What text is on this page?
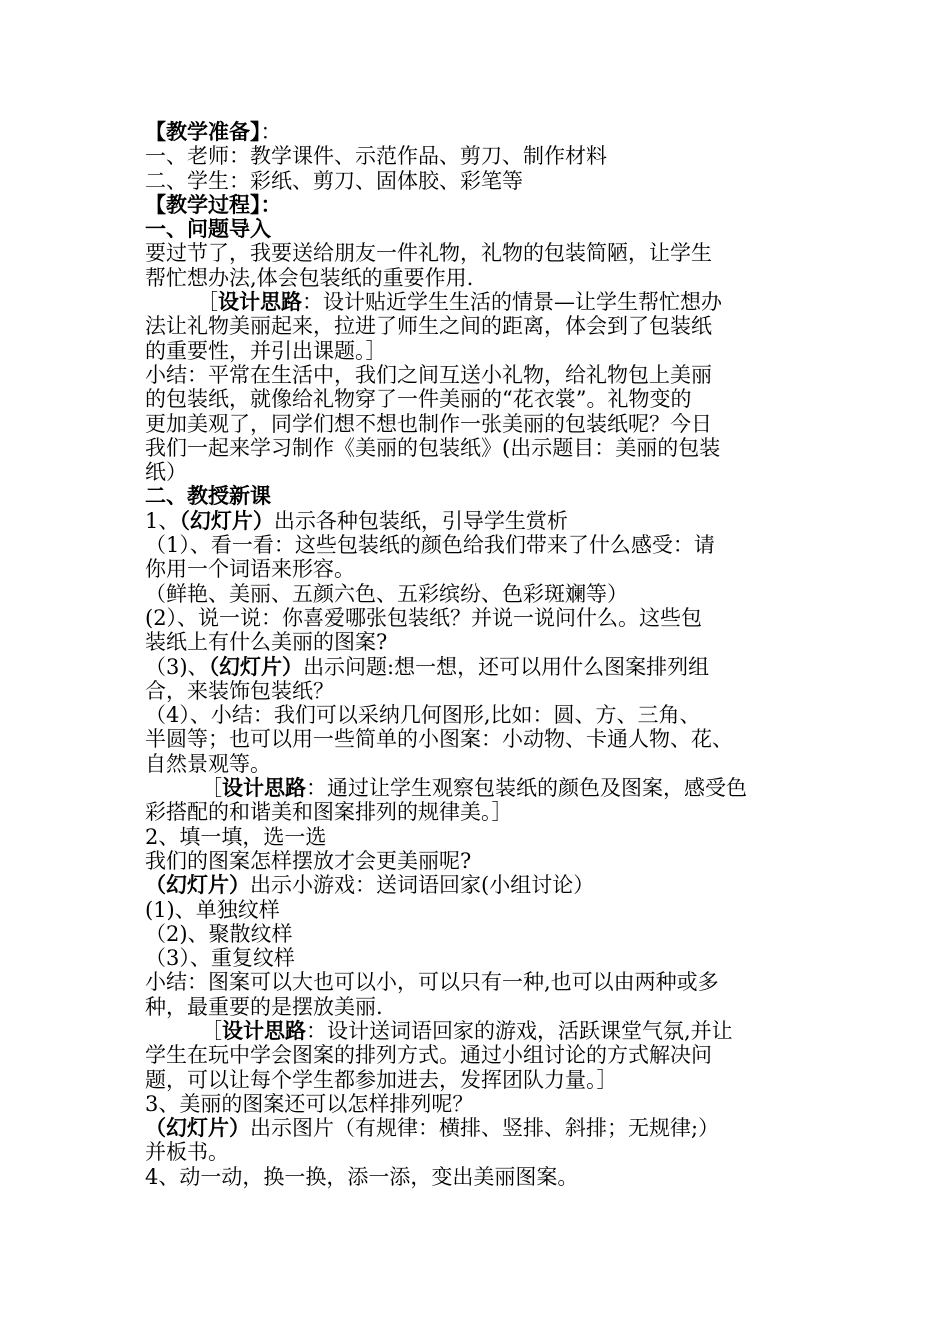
【教学准备】：
一、老师：教学课件、示范作品、剪刀、制作材料
二、学生：彩纸、剪刀、固体胶、彩笔等
【教学过程】：
一、问题导入
要过节了，我要送给朋友一件礼物，礼物的包装简陋，让学生
帮忙想办法,体会包装纸的重要作用.
［设计思路：设计贴近学生生活的情景—让学生帮忙想办
法让礼物美丽起来，拉进了师生之间的距离，体会到了包装纸
的重要性，并引出课题。］
小结：平常在生活中，我们之间互送小礼物，给礼物包上美丽
的包装纸，就像给礼物穿了一件美丽的“花衣裳”。礼物变的
更加美观了，同学们想不想也制作一张美丽的包装纸呢？今日
我们一起来学习制作《美丽的包装纸》(出示题目：美丽的包装
纸）
二、教授新课
1、（幻灯片）出示各种包装纸，引导学生赏析
（1）、看一看：这些包装纸的颜色给我们带来了什么感受：请
你用一个词语来形容。
（鲜艳、美丽、五颜六色、五彩缤纷、色彩斑斓等）
(2）、说一说：你喜爱哪张包装纸？并说一说问什么。这些包
装纸上有什么美丽的图案?
（3)、（幻灯片）出示问题:想一想，还可以用什么图案排列组
合，来装饰包装纸？
（4）、小结：我们可以采纳几何图形,比如：圆、方、三角、
半圆等；也可以用一些简单的小图案：小动物、卡通人物、花、
自然景观等。
［设计思路：通过让学生观察包装纸的颜色及图案，感受色
彩搭配的和谐美和图案排列的规律美。］
2、填一填，选一选
我们的图案怎样摆放才会更美丽呢?
（幻灯片）出示小游戏：送词语回家(小组讨论）
(1)、单独纹样
（2)、聚散纹样
（3）、重复纹样
小结：图案可以大也可以小，可以只有一种,也可以由两种或多
种，最重要的是摆放美丽.
［设计思路：设计送词语回家的游戏，活跃课堂气氛,并让
学生在玩中学会图案的排列方式。通过小组讨论的方式解决问
题，可以让每个学生都参加进去，发挥团队力量。］
3、美丽的图案还可以怎样排列呢？
（幻灯片）出示图片（有规律：横排、竖排、斜排；无规律;）
并板书。
4、动一动，换一换，添一添，变出美丽图案。
